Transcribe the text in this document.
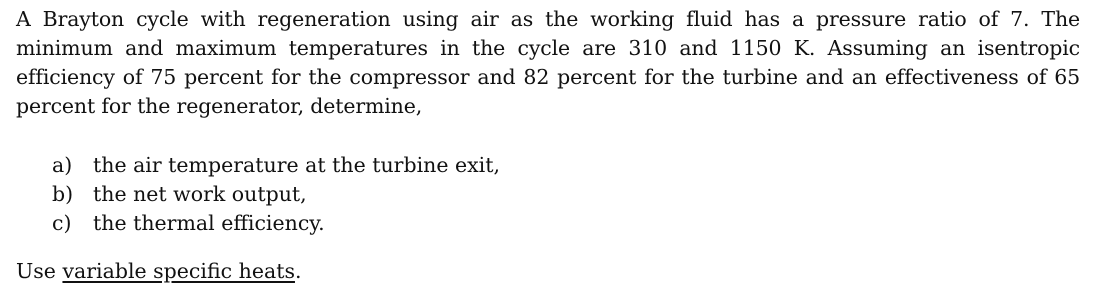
A Brayton cycle with regeneration using air as the working fluid has a pressure ratio of 7. The minimum and maximum temperatures in the cycle are 310 and 1150 K. Assuming an isentropic efficiency of 75 percent for the compressor and 82 percent for the turbine and an effectiveness of 65 percent for the regenerator, determine,

a)	the air temperature at the turbine exit,
b) the net work output,
c)	the thermal efficiency.
Use variable specific heats.
